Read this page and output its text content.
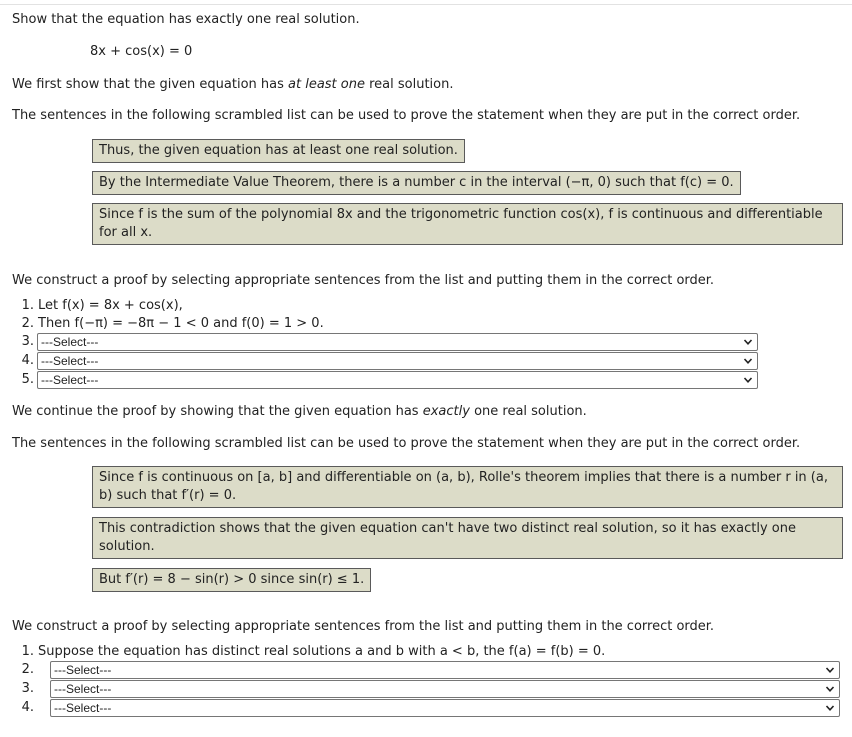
Show that the equation has exactly one real solution.
8x + cos(x) = 0
We first show that the given equation has at least one real solution.
The sentences in the following scrambled list can be used to prove the statement when they are put in the correct order.
Thus, the given equation has at least one real solution.
By the Intermediate Value Theorem, there is a number c in the interval (−π, 0) such that f(c) = 0.
Since f is the sum of the polynomial 8x and the trigonometric function cos(x), f is continuous and differentiable for all x.
We construct a proof by selecting appropriate sentences from the list and putting them in the correct order.
1. Let f(x) = 8x + cos(x),
2. Then f(−π) = −8π − 1 < 0 and f(0) = 1 > 0.
3. ---Select---
4. ---Select---
5. ---Select---
We continue the proof by showing that the given equation has exactly one real solution.
The sentences in the following scrambled list can be used to prove the statement when they are put in the correct order.
Since f is continuous on [a, b] and differentiable on (a, b), Rolle's theorem implies that there is a number r in (a, b) such that f′(r) = 0.
This contradiction shows that the given equation can't have two distinct real solution, so it has exactly one solution.
But f′(r) = 8 − sin(r) > 0 since sin(r) ≤ 1.
We construct a proof by selecting appropriate sentences from the list and putting them in the correct order.
1. Suppose the equation has distinct real solutions a and b with a < b, the f(a) = f(b) = 0.
2.	---Select---
3.	---Select---
4.	---Select---
